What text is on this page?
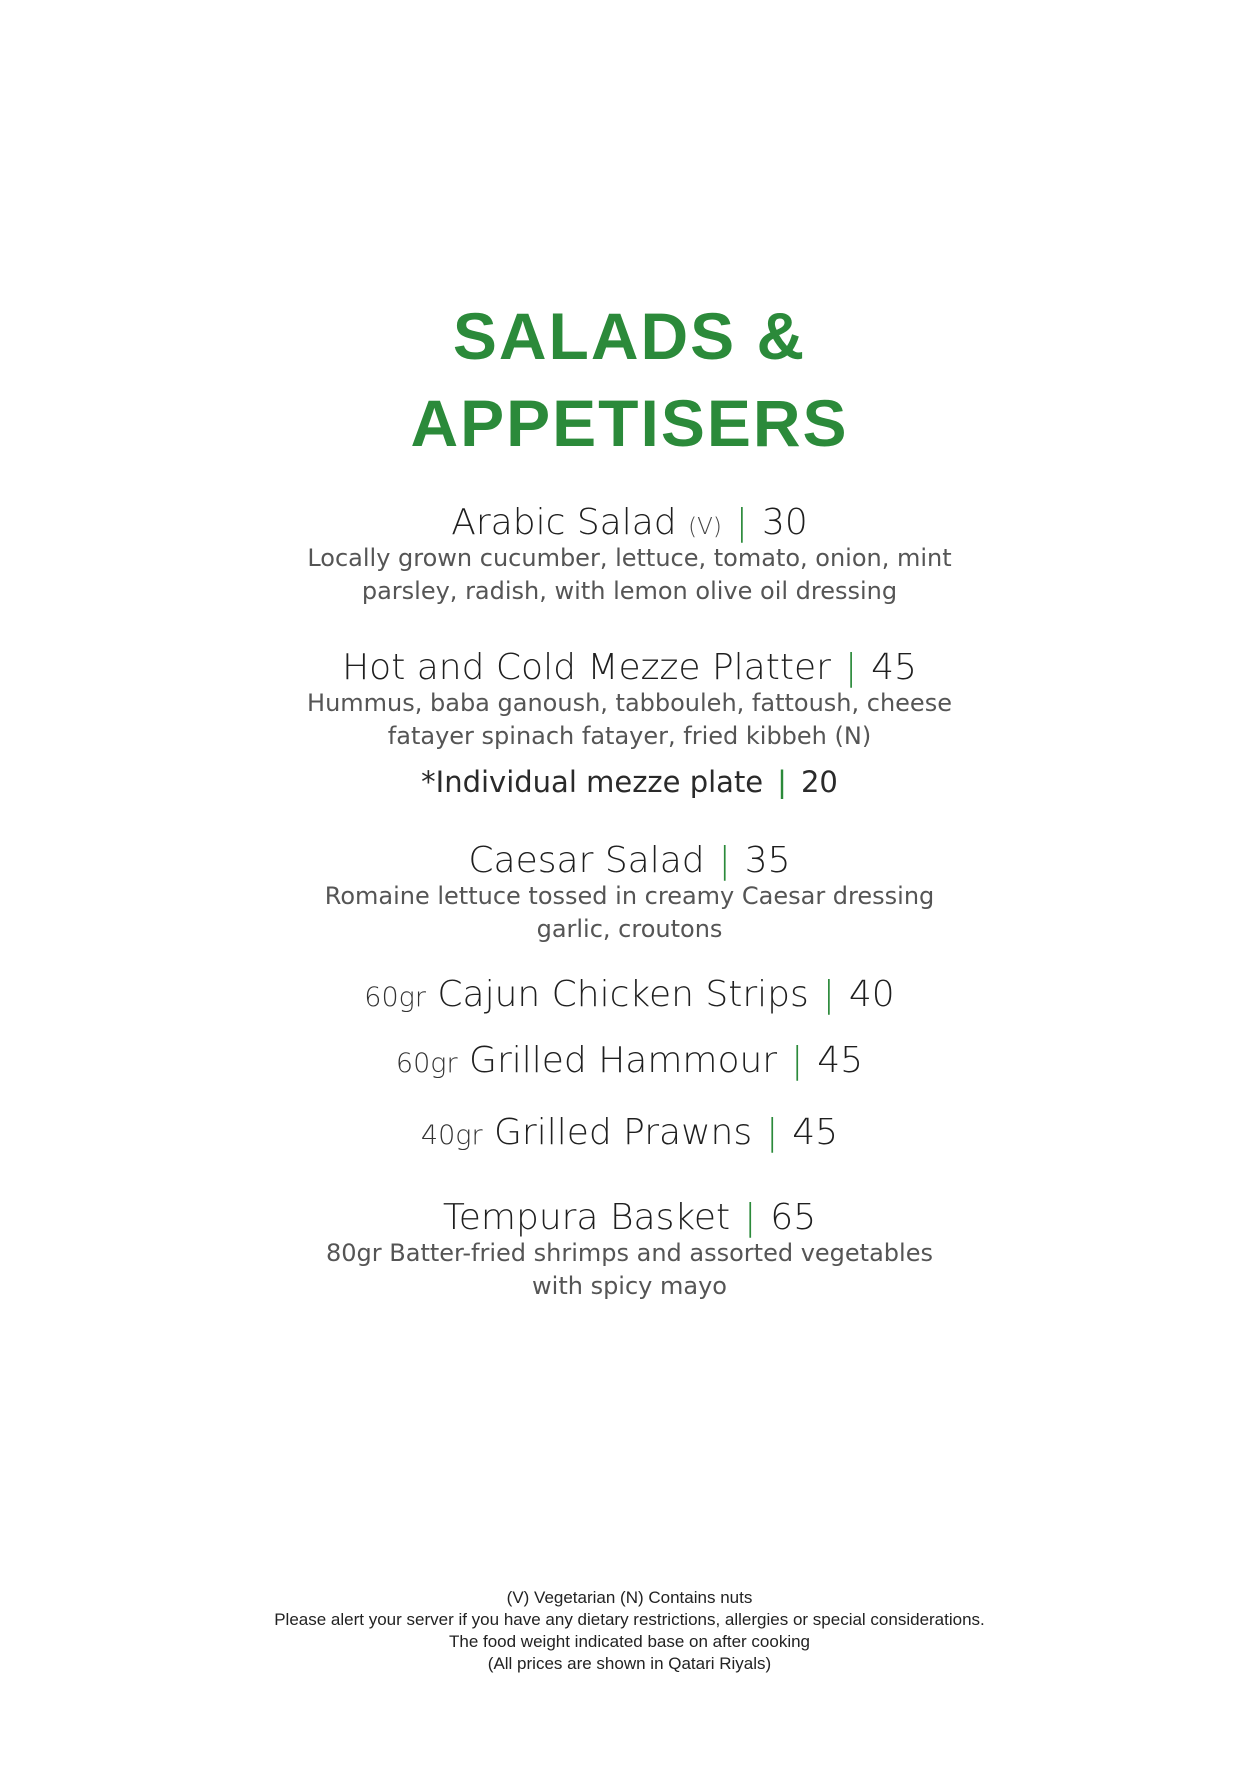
SALADS &
APPETISERS
Arabic Salad (V) | 30
Locally grown cucumber, lettuce, tomato, onion, mint
parsley, radish, with lemon olive oil dressing
Hot and Cold Mezze Platter | 45
Hummus, baba ganoush, tabbouleh, fattoush, cheese
fatayer spinach fatayer, fried kibbeh (N)
*Individual mezze plate | 20
Caesar Salad | 35
Romaine lettuce tossed in creamy Caesar dressing
garlic, croutons
60gr Cajun Chicken Strips | 40
60gr Grilled Hammour | 45
40gr Grilled Prawns | 45
Tempura Basket | 65
80gr Batter-fried shrimps and assorted vegetables
with spicy mayo
(V) Vegetarian (N) Contains nuts
Please alert your server if you have any dietary restrictions, allergies or special considerations.
The food weight indicated base on after cooking
(All prices are shown in Qatari Riyals)
